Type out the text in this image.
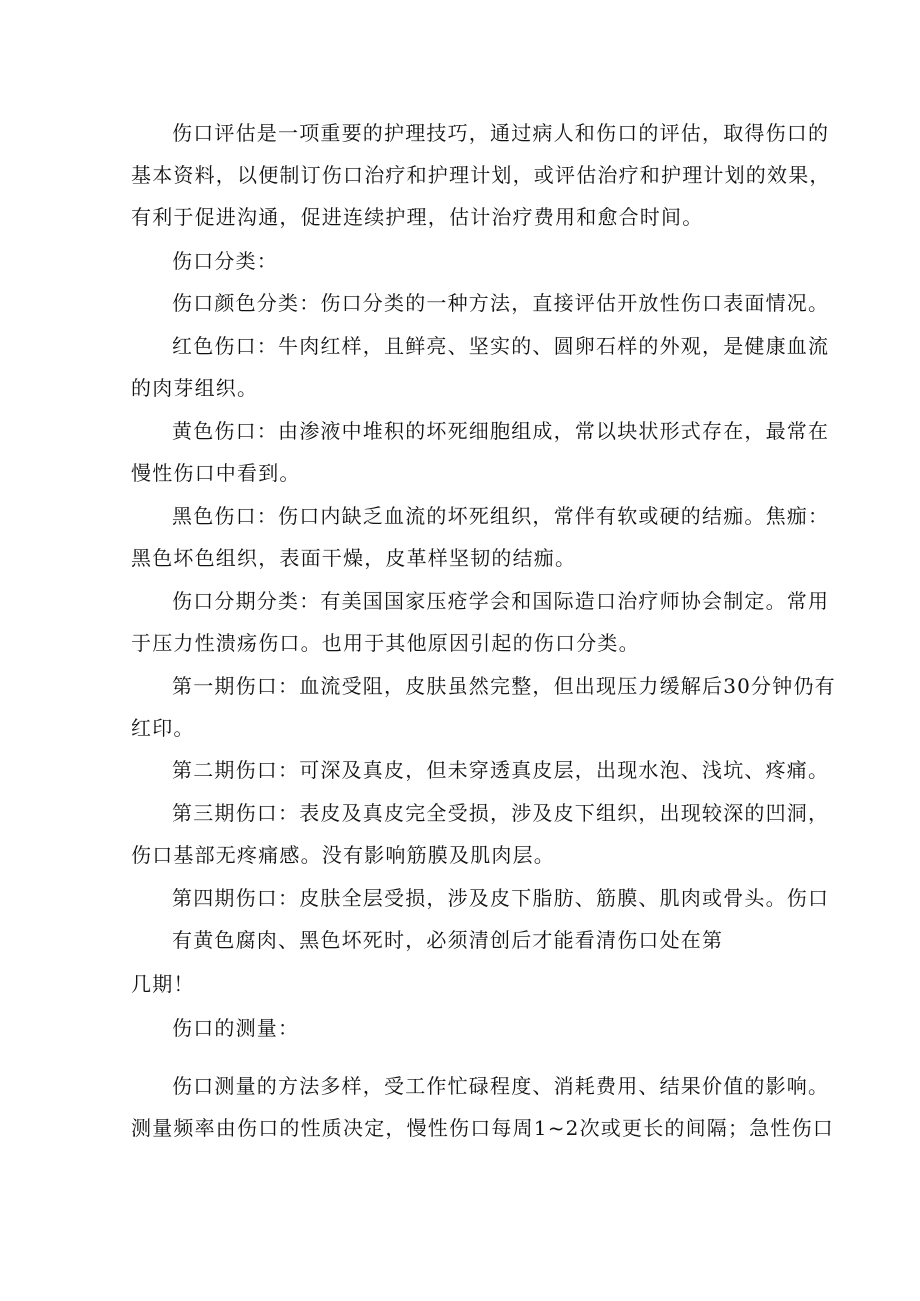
伤口评估是一项重要的护理技巧，通过病人和伤口的评估，取得伤口的
基本资料，以便制订伤口治疗和护理计划，或评估治疗和护理计划的效果，
有利于促进沟通，促进连续护理，估计治疗费用和愈合时间。
伤口分类：
伤口颜色分类：伤口分类的一种方法，直接评估开放性伤口表面情况。
红色伤口：牛肉红样，且鲜亮、坚实的、圆卵石样的外观，是健康血流
的肉芽组织。
黄色伤口：由渗液中堆积的坏死细胞组成，常以块状形式存在，最常在
慢性伤口中看到。
黑色伤口：伤口内缺乏血流的坏死组织，常伴有软或硬的结痂。焦痂：
黑色坏色组织，表面干燥，皮革样坚韧的结痂。
伤口分期分类：有美国国家压疮学会和国际造口治疗师协会制定。常用
于压力性溃疡伤口。也用于其他原因引起的伤口分类。
第一期伤口：血流受阻，皮肤虽然完整，但出现压力缓解后30分钟仍有
红印。
第二期伤口：可深及真皮，但未穿透真皮层，出现水泡、浅坑、疼痛。
第三期伤口：表皮及真皮完全受损，涉及皮下组织，出现较深的凹洞，
伤口基部无疼痛感。没有影响筋膜及肌肉层。
第四期伤口：皮肤全层受损，涉及皮下脂肪、筋膜、肌肉或骨头。伤口
有黄色腐肉、黑色坏死时，必须清创后才能看清伤口处在第
几期！
伤口的测量：
伤口测量的方法多样，受工作忙碌程度、消耗费用、结果价值的影响。
测量频率由伤口的性质决定，慢性伤口每周1~2次或更长的间隔；急性伤口
